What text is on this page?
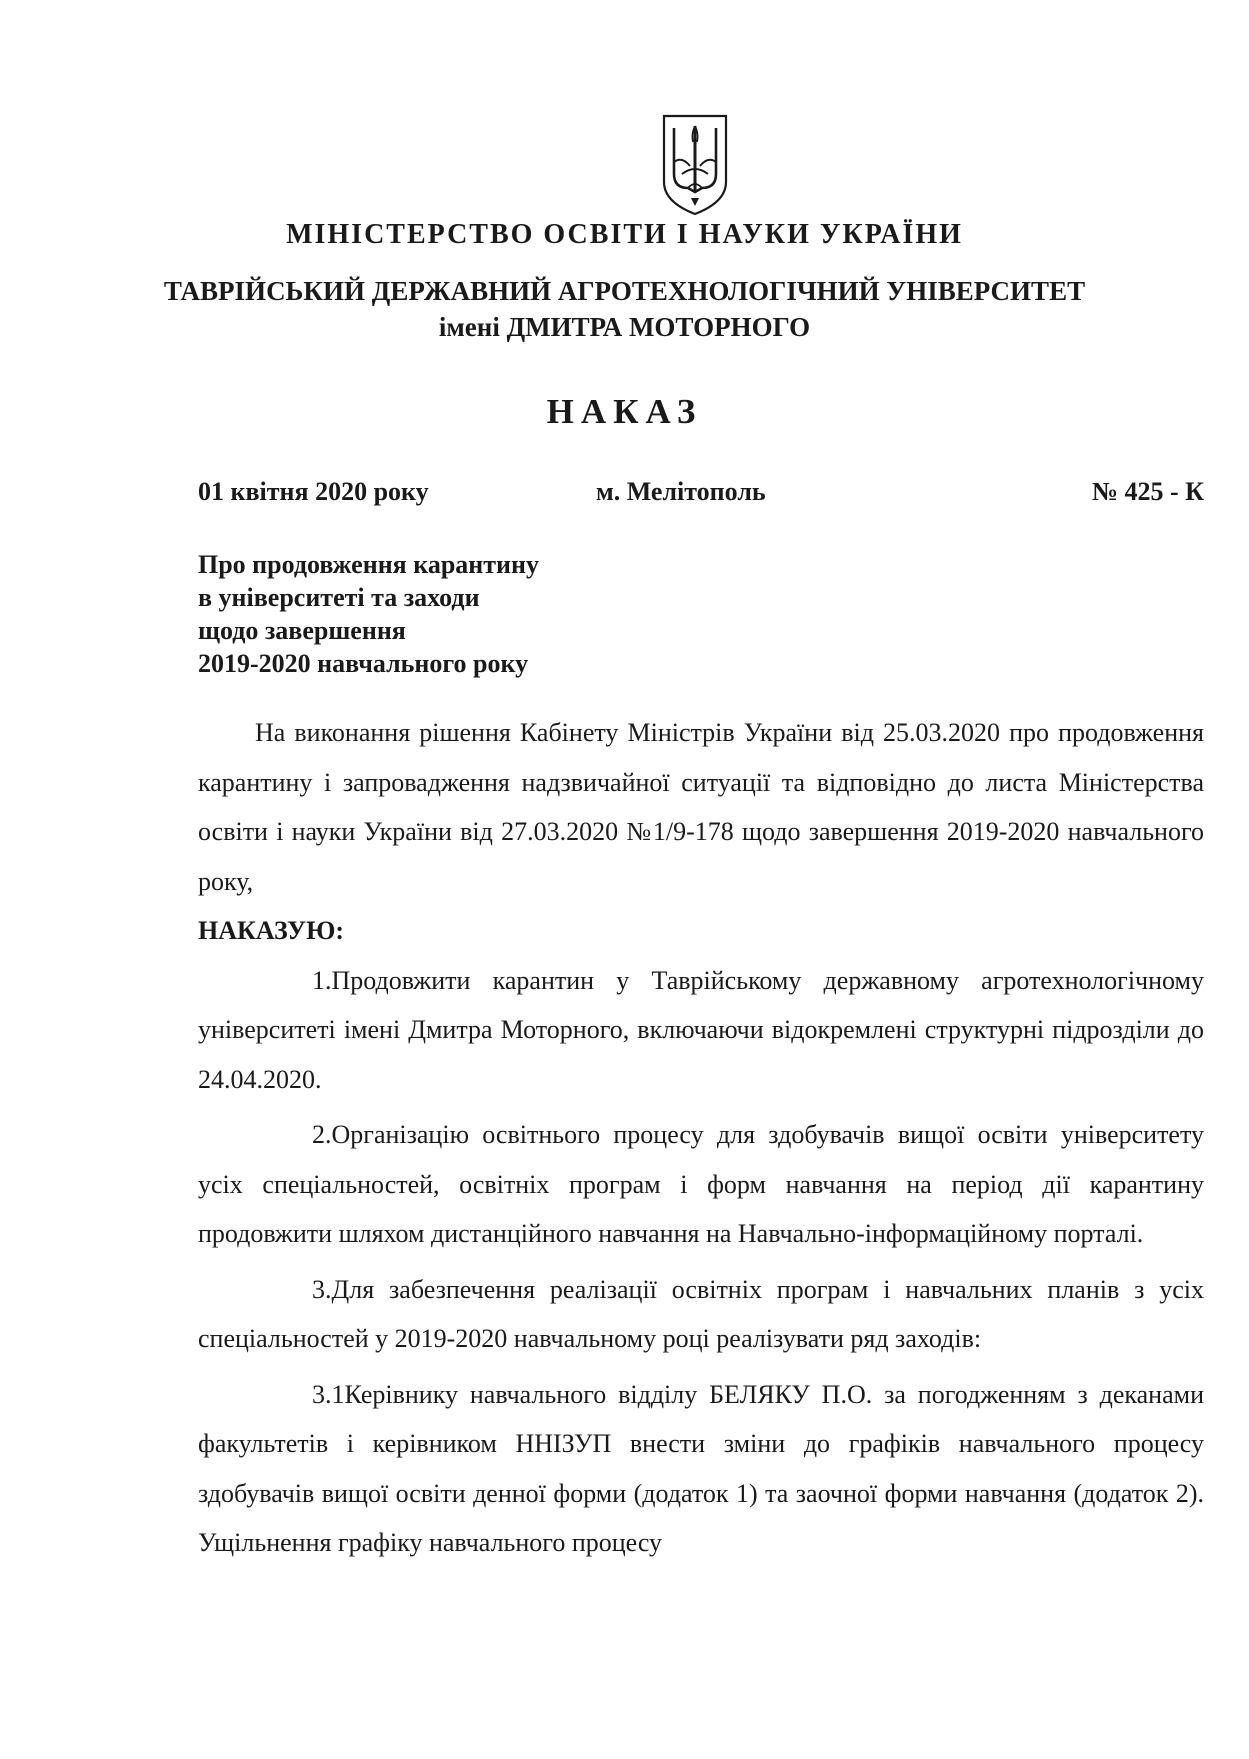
МІНІСТЕРСТВО ОСВІТИ І НАУКИ УКРАЇНИ
ТАВРІЙСЬКИЙ ДЕРЖАВНИЙ АГРОТЕХНОЛОГІЧНИЙ УНІВЕРСИТЕТ
імені ДМИТРА МОТОРНОГО
НАКАЗ
01 квітня 2020 року	м. Мелітополь	№ 425 - К
Про продовження карантину
в університеті та заходи
щодо завершення
2019-2020 навчального року

На виконання рішення Кабінету Міністрів України від 25.03.2020 про продовження карантину і запровадження надзвичайної ситуації та відповідно до листа Міністерства освіти і науки України від 27.03.2020 №1/9-178 щодо завершення 2019-2020 навчального року,

НАКАЗУЮ:

1.Продовжити карантин у Таврійському державному агротехнологічному університеті імені Дмитра Моторного, включаючи відокремлені структурні підрозділи до 24.04.2020.

2.Організацію освітнього процесу для здобувачів вищої освіти університету усіх спеціальностей, освітніх програм і форм навчання на період дії карантину продовжити шляхом дистанційного навчання на Навчально-інформаційному порталі.

3.Для забезпечення реалізації освітніх програм і навчальних планів з усіх спеціальностей у 2019-2020 навчальному році реалізувати ряд заходів:

3.1Керівнику навчального відділу БЕЛЯКУ П.О. за погодженням з деканами факультетів і керівником ННІЗУП внести зміни до графіків навчального процесу здобувачів вищої освіти денної форми (додаток 1) та заочної форми навчання (додаток 2). Ущільнення графіку навчального процесу
